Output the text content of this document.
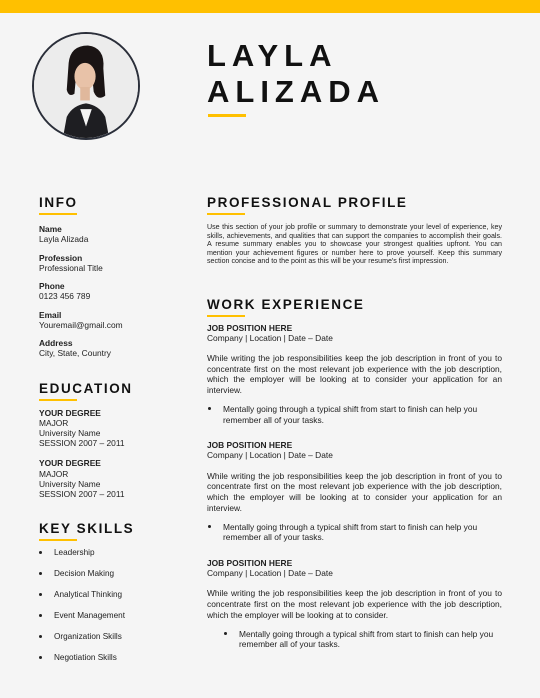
LAYLA
ALIZADA
INFO
Name
Layla Alizada
Profession
Professional Title
Phone
0123 456 789
Email
Youremail@gmail.com
Address
City, State, Country
EDUCATION
YOUR DEGREE
MAJOR
University Name
SESSION 2007 – 2011
YOUR DEGREE
MAJOR
University Name
SESSION 2007 – 2011
KEY SKILLS
Leadership
Decision Making
Analytical Thinking
Event Management
Organization Skills
Negotiation Skills
PROFESSIONAL PROFILE
Use this section of your job profile or summary to demonstrate your level of experience, key skills, achievements, and qualities that can support the companies to accomplish their goals. A resume summary enables you to showcase your strongest qualities upfront. You can mention your achievement figures or number here to prove yourself. Keep this summary section concise and to the point as this will be your resume's first impression.
WORK EXPERIENCE
JOB POSITION HERE
Company | Location | Date – Date
While writing the job responsibilities keep the job description in front of you to concentrate first on the most relevant job experience with the job description, which the employer will be looking at to consider your application for an interview.
Mentally going through a typical shift from start to finish can help you remember all of your tasks.
JOB POSITION HERE
Company | Location | Date – Date
While writing the job responsibilities keep the job description in front of you to concentrate first on the most relevant job experience with the job description, which the employer will be looking at to consider your application for an interview.
Mentally going through a typical shift from start to finish can help you remember all of your tasks.
JOB POSITION HERE
Company | Location | Date – Date
While writing the job responsibilities keep the job description in front of you to concentrate first on the most relevant job experience with the job description, which the employer will be looking at to consider.
Mentally going through a typical shift from start to finish can help you remember all of your tasks.
